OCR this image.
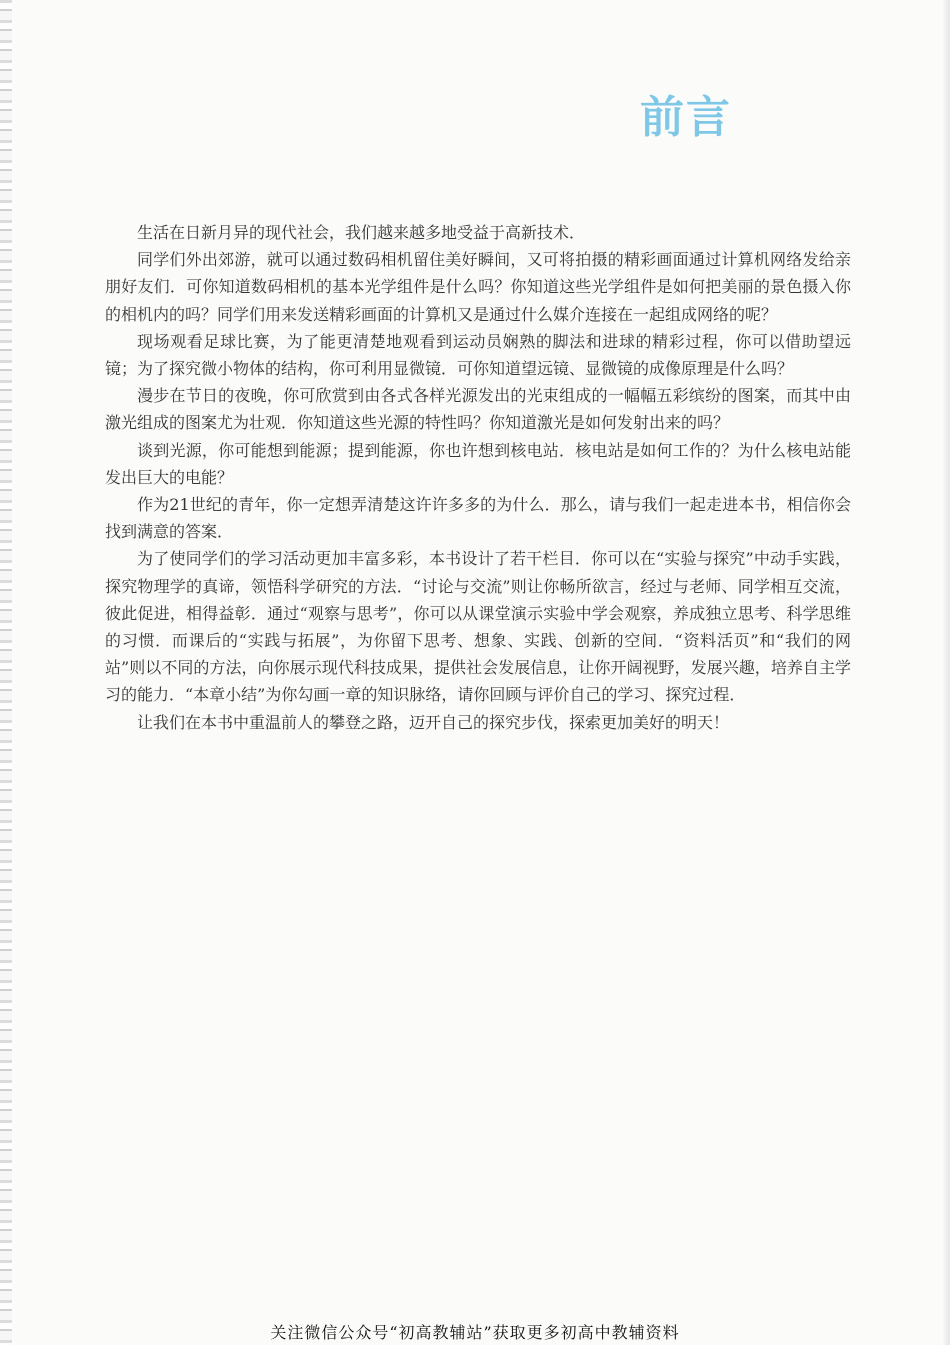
前言

生活在日新月异的现代社会，我们越来越多地受益于高新技术．

同学们外出郊游，就可以通过数码相机留住美好瞬间，又可将拍摄的精彩画面通过计算机网络发给亲朋好友们．可你知道数码相机的基本光学组件是什么吗？你知道这些光学组件是如何把美丽的景色摄入你的相机内的吗？同学们用来发送精彩画面的计算机又是通过什么媒介连接在一起组成网络的呢？

现场观看足球比赛，为了能更清楚地观看到运动员娴熟的脚法和进球的精彩过程，你可以借助望远镜；为了探究微小物体的结构，你可利用显微镜．可你知道望远镜、显微镜的成像原理是什么吗？

漫步在节日的夜晚，你可欣赏到由各式各样光源发出的光束组成的一幅幅五彩缤纷的图案，而其中由激光组成的图案尤为壮观．你知道这些光源的特性吗？你知道激光是如何发射出来的吗？

谈到光源，你可能想到能源；提到能源，你也许想到核电站．核电站是如何工作的？为什么核电站能发出巨大的电能？

作为21世纪的青年，你一定想弄清楚这许许多多的为什么．那么，请与我们一起走进本书，相信你会找到满意的答案．

为了使同学们的学习活动更加丰富多彩，本书设计了若干栏目．你可以在“实验与探究”中动手实践，探究物理学的真谛，领悟科学研究的方法．“讨论与交流”则让你畅所欲言，经过与老师、同学相互交流，彼此促进，相得益彰．通过“观察与思考”，你可以从课堂演示实验中学会观察，养成独立思考、科学思维的习惯．而课后的“实践与拓展”，为你留下思考、想象、实践、创新的空间．“资料活页”和“我们的网站”则以不同的方法，向你展示现代科技成果，提供社会发展信息，让你开阔视野，发展兴趣，培养自主学习的能力．“本章小结”为你勾画一章的知识脉络，请你回顾与评价自己的学习、探究过程．

让我们在本书中重温前人的攀登之路，迈开自己的探究步伐，探索更加美好的明天！

关注微信公众号“初高教辅站”获取更多初高中教辅资料
